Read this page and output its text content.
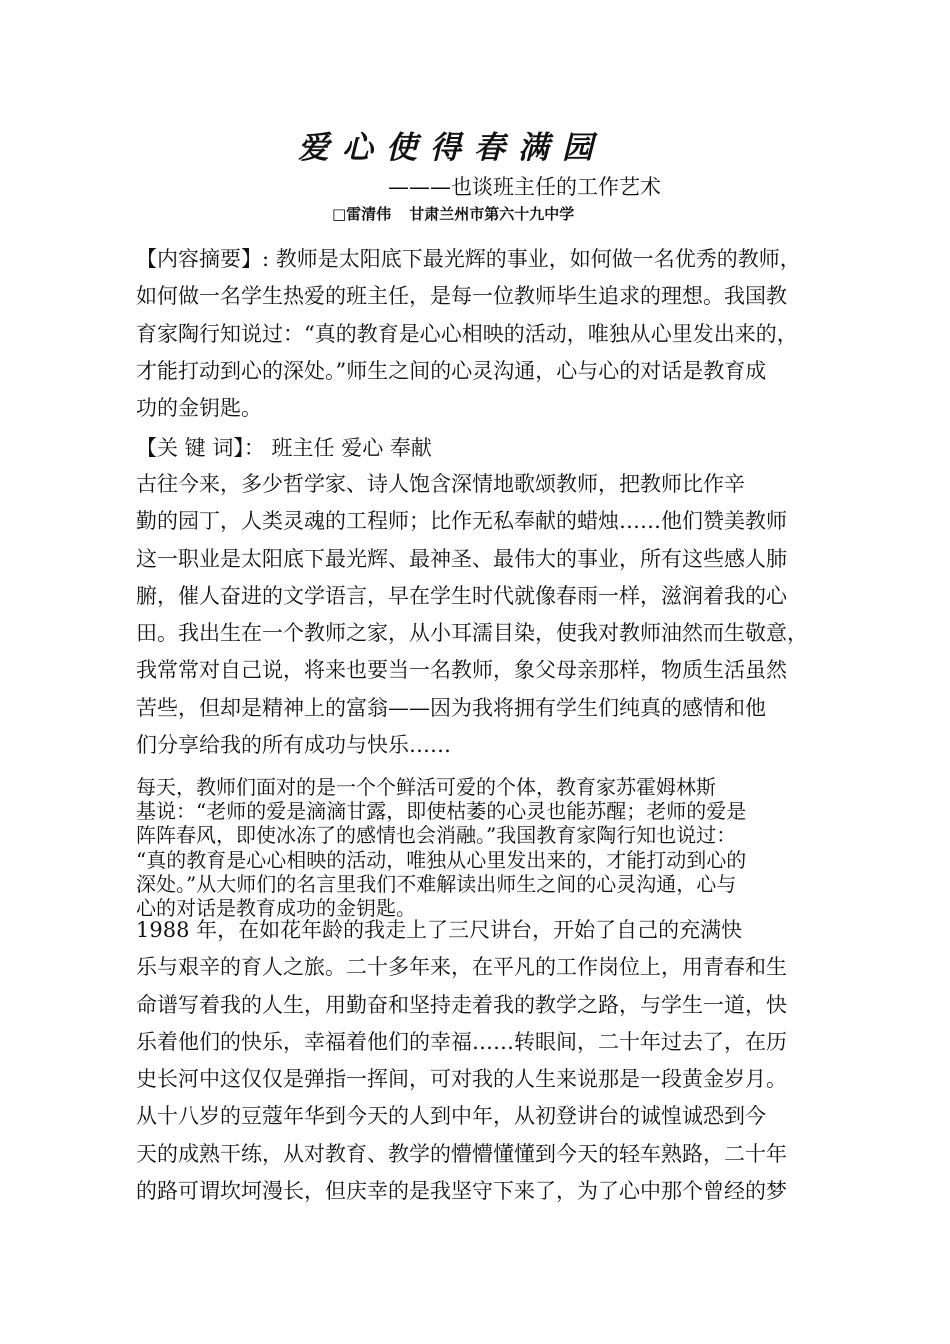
爱心使得春满园
———也谈班主任的工作艺术
□雷清伟 甘肃兰州市第六十九中学
【内容摘要】: 教师是太阳底下最光辉的事业，如何做一名优秀的教师，
如何做一名学生热爱的班主任，是每一位教师毕生追求的理想。我国教
育家陶行知说过：“真的教育是心心相映的活动，唯独从心里发出来的，
才能打动到心的深处。”师生之间的心灵沟通，心与心的对话是教育成
功的金钥匙。
【关 键 词】： 班主任 爱心 奉献
古往今来，多少哲学家、诗人饱含深情地歌颂教师，把教师比作辛
勤的园丁，人类灵魂的工程师；比作无私奉献的蜡烛……他们赞美教师
这一职业是太阳底下最光辉、最神圣、最伟大的事业，所有这些感人肺
腑，催人奋进的文学语言，早在学生时代就像春雨一样，滋润着我的心
田。我出生在一个教师之家，从小耳濡目染，使我对教师油然而生敬意，
我常常对自己说，将来也要当一名教师，象父母亲那样，物质生活虽然
苦些，但却是精神上的富翁——因为我将拥有学生们纯真的感情和他
们分享给我的所有成功与快乐……
每天，教师们面对的是一个个鲜活可爱的个体，教育家苏霍姆林斯
基说：“老师的爱是滴滴甘露，即使枯萎的心灵也能苏醒；老师的爱是
阵阵春风，即使冰冻了的感情也会消融。”我国教育家陶行知也说过：
“真的教育是心心相映的活动，唯独从心里发出来的，才能打动到心的
深处。”从大师们的名言里我们不难解读出师生之间的心灵沟通，心与
心的对话是教育成功的金钥匙。
1988 年，在如花年龄的我走上了三尺讲台，开始了自己的充满快
乐与艰辛的育人之旅。二十多年来，在平凡的工作岗位上，用青春和生
命谱写着我的人生，用勤奋和坚持走着我的教学之路，与学生一道，快
乐着他们的快乐，幸福着他们的幸福……转眼间，二十年过去了，在历
史长河中这仅仅是弹指一挥间，可对我的人生来说那是一段黄金岁月。
从十八岁的豆蔻年华到今天的人到中年，从初登讲台的诚惶诚恐到今
天的成熟干练，从对教育、教学的懵懵懂懂到今天的轻车熟路，二十年
的路可谓坎坷漫长，但庆幸的是我坚守下来了，为了心中那个曾经的梦
